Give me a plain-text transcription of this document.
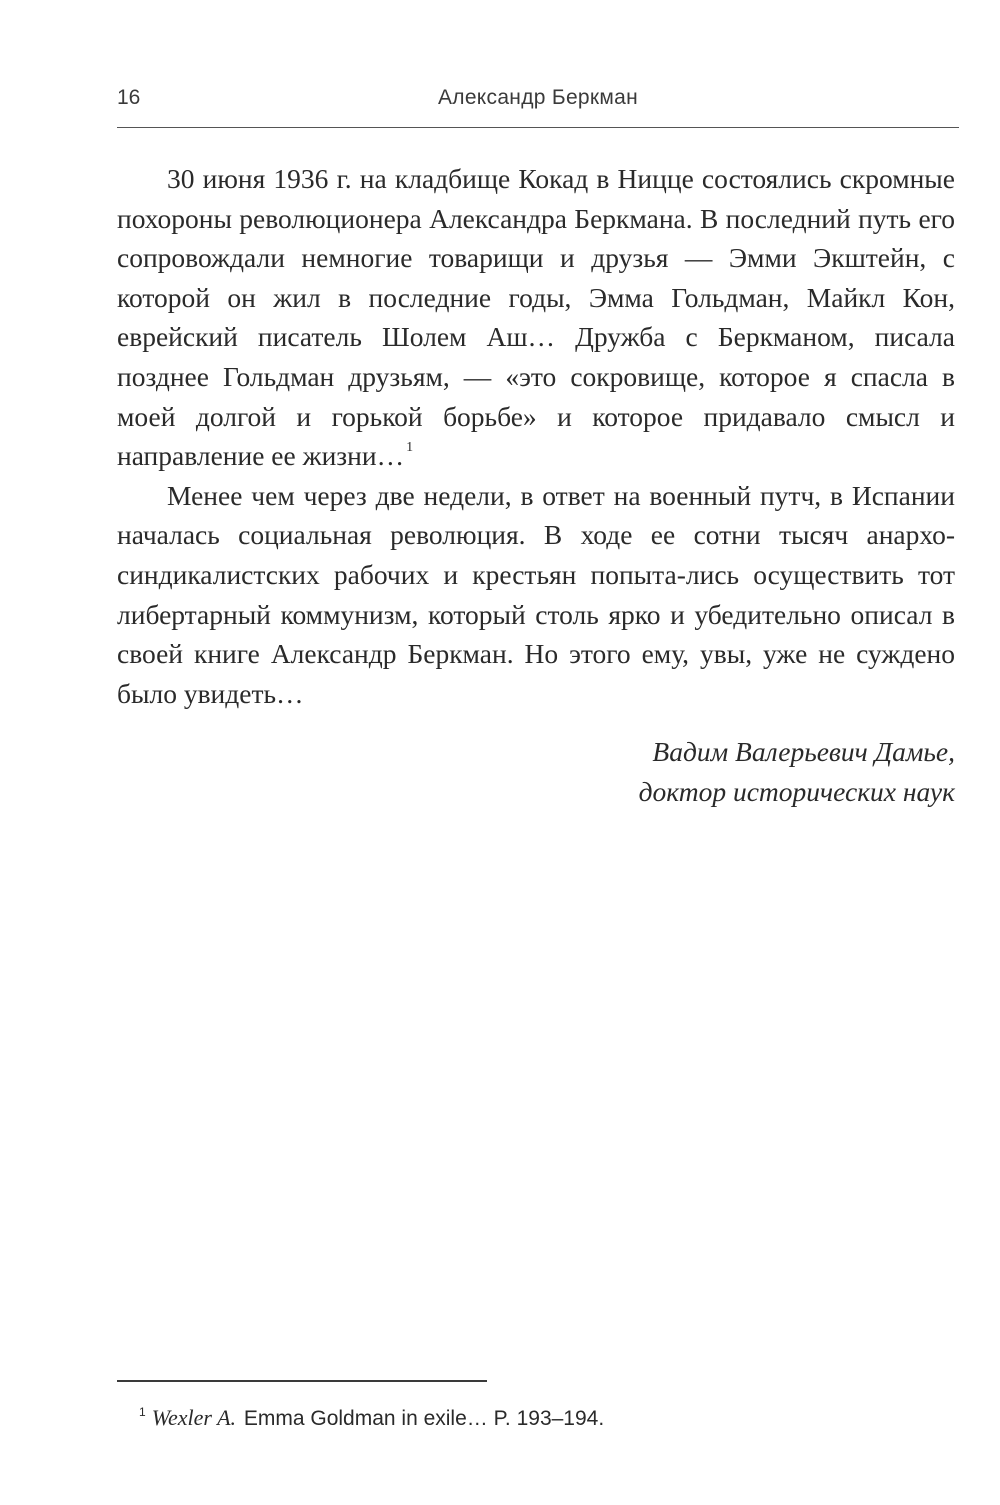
16	Александр Беркман

30 июня 1936 г. на кладбище Кокад в Ницце состоялись скромные похороны революционера Александра Беркмана. В последний путь его сопровождали немногие товарищи и друзья — Эмми Экштейн, с которой он жил в последние годы, Эмма Гольдман, Майкл Кон, еврейский писатель Шолем Аш… Дружба с Беркманом, писала позднее Гольдман друзьям, — «это сокровище, которое я спасла в моей долгой и горькой борьбе» и которое придавало смысл и направление ее жизни… $^1$

Менее чем через две недели, в ответ на военный путч, в Испании началась социальная революция. В ходе ее сотни тысяч анархо-синдикалистских рабочих и крестьян попыта-лись осуществить тот либертарный коммунизм, который столь ярко и убедительно описал в своей книге Александр Беркман. Но этого ему, увы, уже не суждено было увидеть…

Вадим Валерьевич Дамье,
доктор исторических наук
$^1$ Wexler A. Emma Goldman in exile… P. 193–194.
